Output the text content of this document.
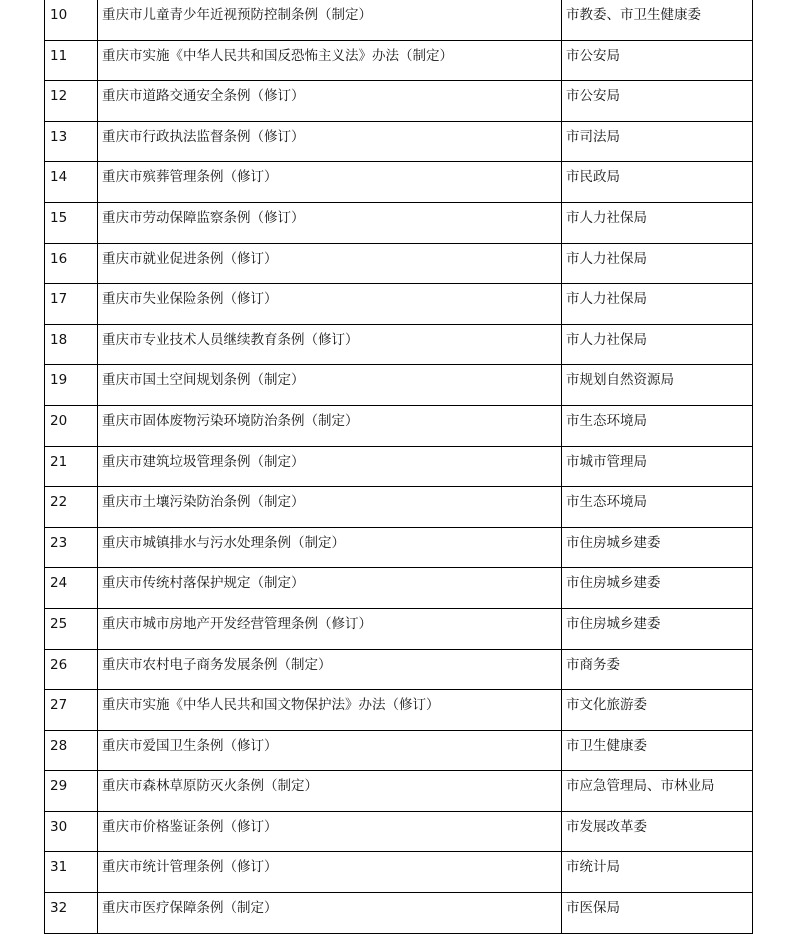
10	重庆市儿童青少年近视预防控制条例（制定）	市教委、市卫生健康委

11	重庆市实施《中华人民共和国反恐怖主义法》办法（制定）	市公安局

12	重庆市道路交通安全条例（修订）	市公安局

13	重庆市行政执法监督条例（修订）	市司法局

14	重庆市殡葬管理条例（修订）	市民政局

15	重庆市劳动保障监察条例（修订）	市人力社保局

16	重庆市就业促进条例（修订）	市人力社保局

17	重庆市失业保险条例（修订）	市人力社保局

18	重庆市专业技术人员继续教育条例（修订）	市人力社保局

19	重庆市国土空间规划条例（制定）	市规划自然资源局

20	重庆市固体废物污染环境防治条例（制定）	市生态环境局

21	重庆市建筑垃圾管理条例（制定）	市城市管理局

22	重庆市土壤污染防治条例（制定）	市生态环境局

23	重庆市城镇排水与污水处理条例（制定）	市住房城乡建委

24	重庆市传统村落保护规定（制定）	市住房城乡建委

25	重庆市城市房地产开发经营管理条例（修订）	市住房城乡建委

26	重庆市农村电子商务发展条例（制定）	市商务委

27	重庆市实施《中华人民共和国文物保护法》办法（修订）	市文化旅游委

28	重庆市爱国卫生条例（修订）	市卫生健康委

29	重庆市森林草原防灭火条例（制定）	市应急管理局、市林业局

30	重庆市价格鉴证条例（修订）	市发展改革委

31	重庆市统计管理条例（修订）	市统计局

32	重庆市医疗保障条例（制定）	市医保局
